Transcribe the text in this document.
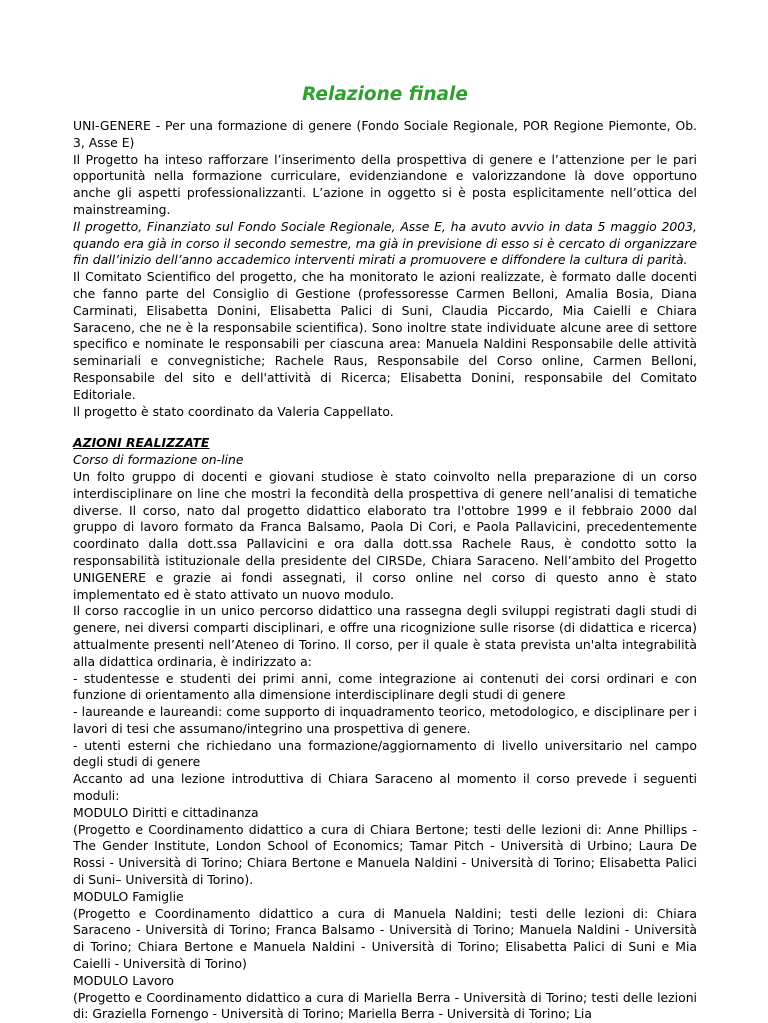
Relazione finale

UNI-GENERE - Per una formazione di genere (Fondo Sociale Regionale, POR Regione Piemonte, Ob. 3, Asse E)

Il Progetto ha inteso rafforzare l’inserimento della prospettiva di genere e l’attenzione per le pari opportunità nella formazione curriculare, evidenziandone e valorizzandone là dove opportuno anche gli aspetti professionalizzanti. L’azione in oggetto si è posta esplicitamente nell’ottica del mainstreaming.

Il progetto, Finanziato sul Fondo Sociale Regionale, Asse E, ha avuto avvio in data 5 maggio 2003, quando era già in corso il secondo semestre, ma già in previsione di esso si è cercato di organizzare fin dall’inizio dell’anno accademico interventi mirati a promuovere e diffondere la cultura di parità.

Il Comitato Scientifico del progetto, che ha monitorato le azioni realizzate, è formato dalle docenti che fanno parte del Consiglio di Gestione (professoresse Carmen Belloni, Amalia Bosia, Diana Carminati, Elisabetta Donini, Elisabetta Palici di Suni, Claudia Piccardo, Mia Caielli e Chiara Saraceno, che ne è la responsabile scientifica). Sono inoltre state individuate alcune aree di settore specifico e nominate le responsabili per ciascuna area: Manuela Naldini Responsabile delle attività seminariali e convegnistiche; Rachele Raus, Responsabile del Corso online, Carmen Belloni, Responsabile del sito e dell'attività di Ricerca; Elisabetta Donini, responsabile del Comitato Editoriale.

Il progetto è stato coordinato da Valeria Cappellato.

AZIONI REALIZZATE

Corso di formazione on-line

Un folto gruppo di docenti e giovani studiose è stato coinvolto nella preparazione di un corso interdisciplinare on line che mostri la fecondità della prospettiva di genere nell’analisi di tematiche diverse. Il corso, nato dal progetto didattico elaborato tra l'ottobre 1999 e il febbraio 2000 dal gruppo di lavoro formato da Franca Balsamo, Paola Di Cori, e Paola Pallavicini, precedentemente coordinato dalla dott.ssa Pallavicini e ora dalla dott.ssa Rachele Raus, è condotto sotto la responsabilità istituzionale della presidente del CIRSDe, Chiara Saraceno. Nell’ambito del Progetto UNIGENERE e grazie ai fondi assegnati, il corso online nel corso di questo anno è stato implementato ed è stato attivato un nuovo modulo.

Il corso raccoglie in un unico percorso didattico una rassegna degli sviluppi registrati dagli studi di genere, nei diversi comparti disciplinari, e offre una ricognizione sulle risorse (di didattica e ricerca) attualmente presenti nell’Ateneo di Torino. Il corso, per il quale è stata prevista un'alta integrabilità alla didattica ordinaria, è indirizzato a:

- studentesse e studenti dei primi anni, come integrazione ai contenuti dei corsi ordinari e con funzione di orientamento alla dimensione interdisciplinare degli studi di genere

- laureande e laureandi: come supporto di inquadramento teorico, metodologico, e disciplinare per i lavori di tesi che assumano/integrino una prospettiva di genere.

- utenti esterni che richiedano una formazione/aggiornamento di livello universitario nel campo degli studi di genere

Accanto ad una lezione introduttiva di Chiara Saraceno al momento il corso prevede i seguenti moduli:

MODULO Diritti e cittadinanza

(Progetto e Coordinamento didattico a cura di Chiara Bertone; testi delle lezioni di: Anne Phillips - The Gender Institute, London School of Economics; Tamar Pitch - Università di Urbino; Laura De Rossi - Università di Torino; Chiara Bertone e Manuela Naldini - Università di Torino; Elisabetta Palici di Suni– Università di Torino).

MODULO Famiglie

(Progetto e Coordinamento didattico a cura di Manuela Naldini; testi delle lezioni di: Chiara Saraceno - Università di Torino; Franca Balsamo - Università di Torino; Manuela Naldini - Università di Torino; Chiara Bertone e Manuela Naldini - Università di Torino; Elisabetta Palici di Suni e Mia Caielli - Università di Torino)

MODULO Lavoro

(Progetto e Coordinamento didattico a cura di Mariella Berra - Università di Torino; testi delle lezioni di: Graziella Fornengo - Università di Torino; Mariella Berra - Università di Torino; Lia
